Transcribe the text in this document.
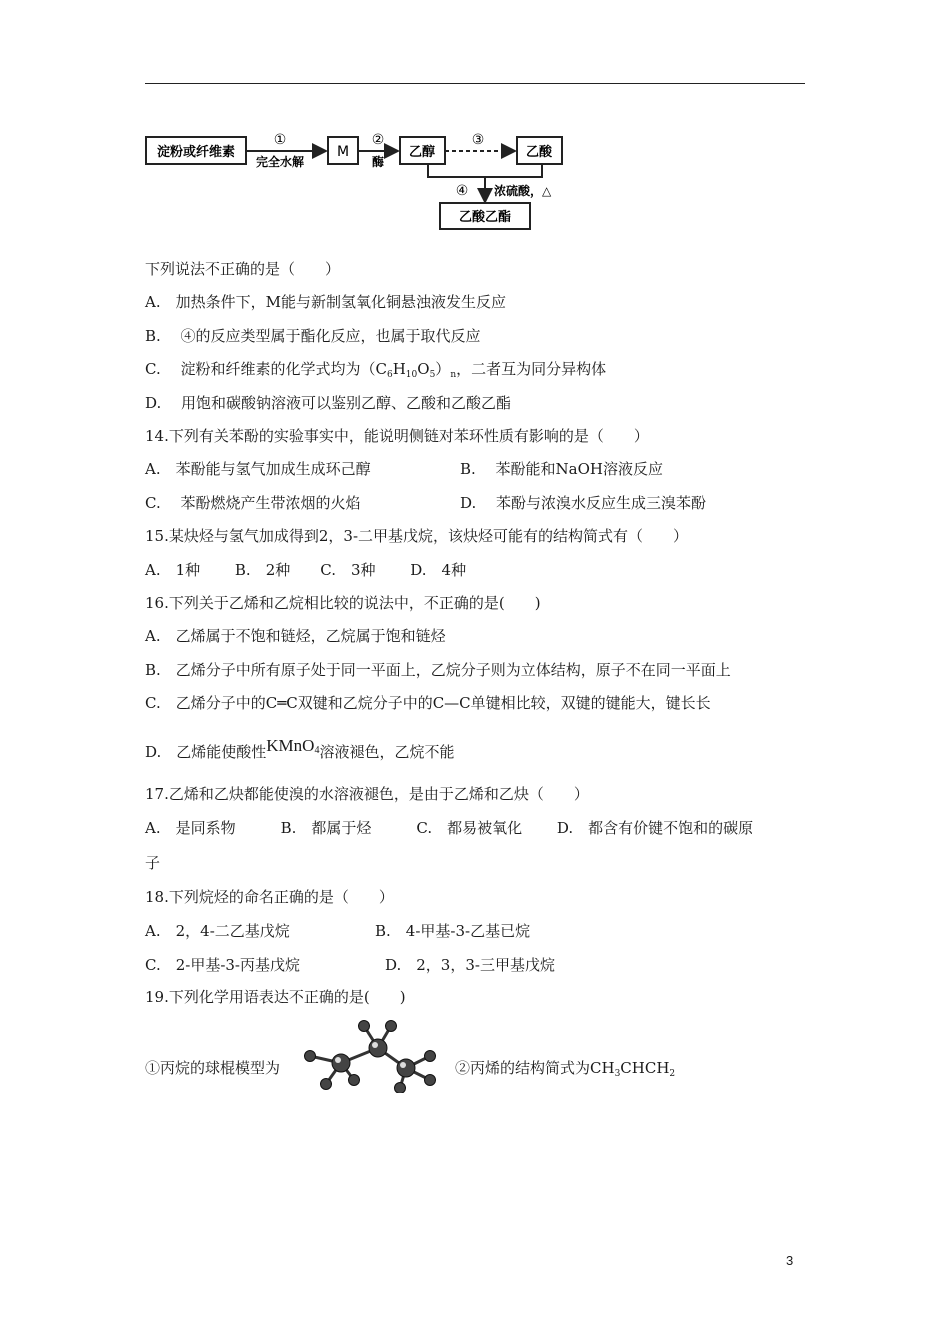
淀粉或纤维素
①
完全水解
M
②
酶
乙醇
③
乙酸
④ 浓硫酸，△
乙酸乙酯
下列说法不正确的是（　　）
A.　加热条件下，M能与新制氢氧化铜悬浊液发生反应
B.　 ④的反应类型属于酯化反应，也属于取代反应
C.　 淀粉和纤维素的化学式均为$(C_6H_{10}O_5)_n$，二者互为同分异构体
D.　 用饱和碳酸钠溶液可以鉴别乙醇、乙酸和乙酸乙酯
14.下列有关苯酚的实验事实中，能说明侧链对苯环性质有影响的是（　　）
A.　苯酚能与氢气加成生成环己醇	B.　 苯酚能和NaOH溶液反应
C.　 苯酚燃烧产生带浓烟的火焰	D.　 苯酚与浓溴水反应生成三溴苯酚
15.某炔烃与氢气加成得到2，3-二甲基戊烷，该炔烃可能有的结构简式有（　　）
A.　1种　　 B.　2种　　C.　3种　　 D.　4种
16.下列关于乙烯和乙烷相比较的说法中，不正确的是(　　)
A.　乙烯属于不饱和链烃，乙烷属于饱和链烃
B.　乙烯分子中所有原子处于同一平面上，乙烷分子则为立体结构，原子不在同一平面上
C.　乙烯分子中的C═C双键和乙烷分子中的C—C单键相比较，双键的键能大，键长长
D.　乙烯能使酸性KMnO$_4$溶液褪色，乙烷不能
17.乙烯和乙炔都能使溴的水溶液褪色，是由于乙烯和乙炔（　　）
A.　是同系物　　　B.　都属于烃　　　C.　都易被氧化　　 D.　都含有价键不饱和的碳原
子
18.下列烷烃的命名正确的是（　　）
A.　2，4-二乙基戊烷	B.　4-甲基-3-乙基已烷
C.　2-甲基-3-丙基戊烷	D.　2，3，3-三甲基戊烷
19.下列化学用语表达不正确的是(　　)
①丙烷的球棍模型为	②丙烯的结构简式为$CH_3CHCH_2$
3
